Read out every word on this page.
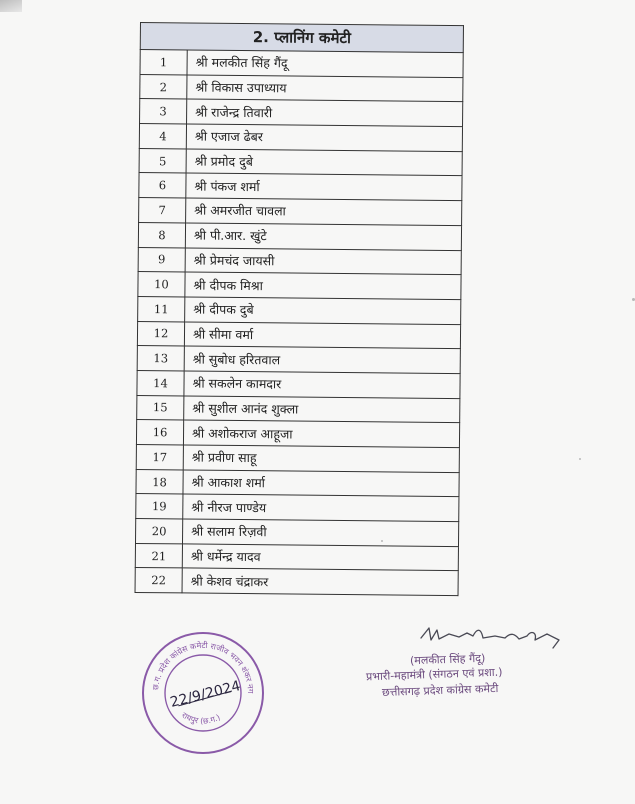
2. प्लानिंग कमेटी	
1	श्री मलकीत सिंह गैंदू
2	श्री विकास उपाध्याय
3	श्री राजेन्द्र तिवारी
4	श्री एजाज ढेबर
5	श्री प्रमोद दुबे
6	श्री पंकज शर्मा
7	श्री अमरजीत चावला
8	श्री पी.आर. खुंटे
9	श्री प्रेमचंद जायसी
10	श्री दीपक मिश्रा
11	श्री दीपक दुबे
12	श्री सीमा वर्मा
13	श्री सुबोध हरितवाल
14	श्री सकलेन कामदार
15	श्री सुशील आनंद शुक्ला
16	श्री अशोकराज आहूजा
17	श्री प्रवीण साहू
18	श्री आकाश शर्मा
19	श्री नीरज पाण्डेय
20	श्री सलाम रिज़वी
21	श्री धर्मेन्द्र यादव
22	श्री केशव चंद्राकर
(मलकीत सिंह गैंदू)
प्रभारी-महामंत्री (संगठन एवं प्रशा.)
छत्तीसगढ़ प्रदेश कांग्रेस कमेटी
छ.ग. प्रदेश कांग्रेस कमेटी राजीव भवन शंकर नग
रायपुर (छ.ग.)
22/9/2024
